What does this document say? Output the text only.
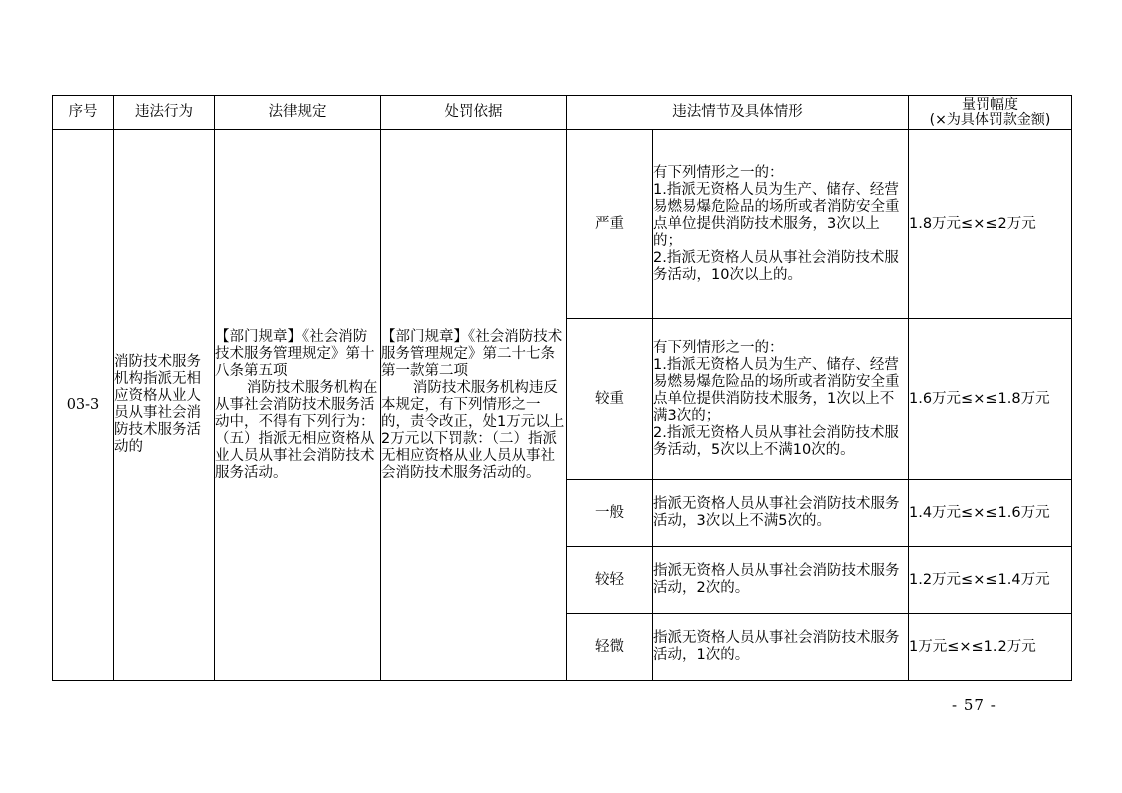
序号	违法行为	法律规定	处罚依据	违法情节及具体情形		量罚幅度
(×为具体罚款金额)

03-3	消防技术服务机构指派无相应资格从业人员从事社会消防技术服务活动的	【部门规章】《社会消防技术服务管理规定》第十八条第五项
消防技术服务机构在从事社会消防技术服务活动中，不得有下列行为：（五）指派无相应资格从业人员从事社会消防技术服务活动。	【部门规章】《社会消防技术服务管理规定》第二十七条第一款第二项
消防技术服务机构违反本规定，有下列情形之一的，责令改正，处1万元以上2万元以下罚款：（二）指派无相应资格从业人员从事社会消防技术服务活动的。	严重	有下列情形之一的：
1.指派无资格人员为生产、储存、经营易燃易爆危险品的场所或者消防安全重点单位提供消防技术服务，3次以上的；
2.指派无资格人员从事社会消防技术服务活动，10次以上的。	1.8万元≤×≤2万元
				较重	有下列情形之一的：
1.指派无资格人员为生产、储存、经营易燃易爆危险品的场所或者消防安全重点单位提供消防技术服务，1次以上不满3次的；
2.指派无资格人员从事社会消防技术服务活动，5次以上不满10次的。	1.6万元≤×≤1.8万元
				一般	指派无资格人员从事社会消防技术服务活动，3次以上不满5次的。	1.4万元≤×≤1.6万元
				较轻	指派无资格人员从事社会消防技术服务活动，2次的。	1.2万元≤×≤1.4万元
				轻微	指派无资格人员从事社会消防技术服务活动，1次的。	1万元≤×≤1.2万元
- 57 -
